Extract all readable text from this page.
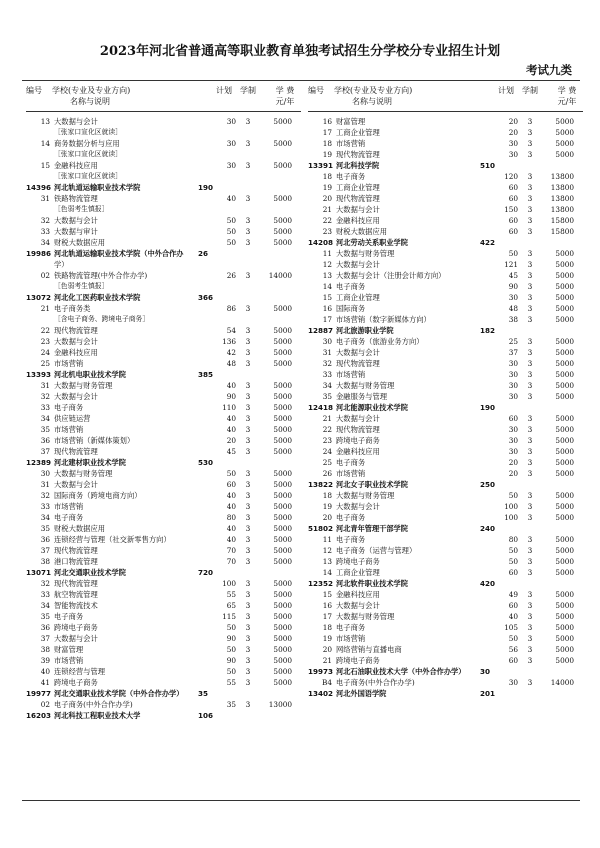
2023年河北省普通高等职业教育单独考试招生分学校分专业招生计划
考试九类
编号 学校(专业及专业方向)
名称与说明
计划 学制	学 费
元/年
13 大数据与会计	30	3	5000
［张家口宣化区就读］
14 商务数据分析与应用	30	3	5000
［张家口宣化区就读］
15 金融科技应用	30	3	5000
［张家口宣化区就读］
14396 河北轨道运输职业技术学院	190
31 铁路物流管理	40	3	5000
［色弱考生慎报］
32 大数据与会计	50	3	5000
33 大数据与审计	50	3	5000
34 财税大数据应用	50	3	5000
19986 河北轨道运输职业技术学院（中外合作办 26
学）
02 铁路物流管理(中外合作办学)	26	3	14000
［色弱考生慎报］
13072 河北化工医药职业技术学院	366
21 电子商务类	86	3	5000
［含电子商务、跨境电子商务］
22 现代物流管理	54	3	5000
23 大数据与会计	136	3	5000
24 金融科技应用	42	3	5000
25 市场营销	48	3	5000
13393 河北机电职业技术学院	385
31 大数据与财务管理	40	3	5000
32 大数据与会计	90	3	5000
33 电子商务	110	3	5000
34 供应链运营	40	3	5000
35 市场营销	40	3	5000
36 市场营销（新媒体策划）	20	3	5000
37 现代物流管理	45	3	5000
12389 河北建材职业技术学院	530
30 大数据与财务管理	50	3	5000
31 大数据与会计	60	3	5000
32 国际商务（跨境电商方向）	40	3	5000
33 市场营销	40	3	5000
34 电子商务	80	3	5000
35 财税大数据应用	40	3	5000
36 连锁经营与管理（社交新零售方向）	40	3	5000
37 现代物流管理	70	3	5000
38 港口物流管理	70	3	5000
13071 河北交通职业技术学院	720
32 现代物流管理	100	3	5000
33 航空物流管理	55	3	5000
34 智能物流技术	65	3	5000
35 电子商务	115	3	5000
36 跨境电子商务	50	3	5000
37 大数据与会计	90	3	5000
38 财富管理	50	3	5000
39 市场营销	90	3	5000
40 连锁经营与管理	50	3	5000
41 跨境电子商务	55	3	5000
19977 河北交通职业技术学院（中外合作办学） 35
02 电子商务(中外合作办学)	35	3	13000
16203 河北科技工程职业技术大学	106
编号 学校(专业及专业方向)
名称与说明
计划 学制	学 费
元/年
16 财富管理	20	3	5000
17 工商企业管理	20	3	5000
18 市场营销	30	3	5000
19 现代物流管理	30	3	5000
13391 河北科技学院	510
18 电子商务	120	3	13800
19 工商企业管理	60	3	13800
20 现代物流管理	60	3	13800
21 大数据与会计	150	3	13800
22 金融科技应用	60	3	15800
23 财税大数据应用	60	3	15800
14208 河北劳动关系职业学院	422
11 大数据与财务管理	50	3	5000
12 大数据与会计	121	3	5000
13 大数据与会计（注册会计师方向）	45	3	5000
14 电子商务	90	3	5000
15 工商企业管理	30	3	5000
16 国际商务	48	3	5000
17 市场营销（数字新媒体方向）	38	3	5000
12887 河北旅游职业学院	182
30 电子商务（旅游业务方向）	25	3	5000
31 大数据与会计	37	3	5000
32 现代物流管理	30	3	5000
33 市场营销	30	3	5000
34 大数据与财务管理	30	3	5000
35 金融服务与管理	30	3	5000
12418 河北能源职业技术学院	190
21 大数据与会计	60	3	5000
22 现代物流管理	30	3	5000
23 跨境电子商务	30	3	5000
24 金融科技应用	30	3	5000
25 电子商务	20	3	5000
26 市场营销	20	3	5000
13822 河北女子职业技术学院	250
18 大数据与财务管理	50	3	5000
19 大数据与会计	100	3	5000
20 电子商务	100	3	5000
51802 河北青年管理干部学院	240
11 电子商务	80	3	5000
12 电子商务（运营与管理）	50	3	5000
13 跨境电子商务	50	3	5000
14 工商企业管理	60	3	5000
12352 河北软件职业技术学院	420
15 金融科技应用	49	3	5000
16 大数据与会计	60	3	5000
17 大数据与财务管理	40	3	5000
18 电子商务	105	3	5000
19 市场营销	50	3	5000
20 网络营销与直播电商	56	3	5000
21 跨境电子商务	60	3	5000
19973 河北石油职业技术大学（中外合作办学） 30
B4 电子商务(中外合作办学)	30	3	14000
13402 河北外国语学院	201
